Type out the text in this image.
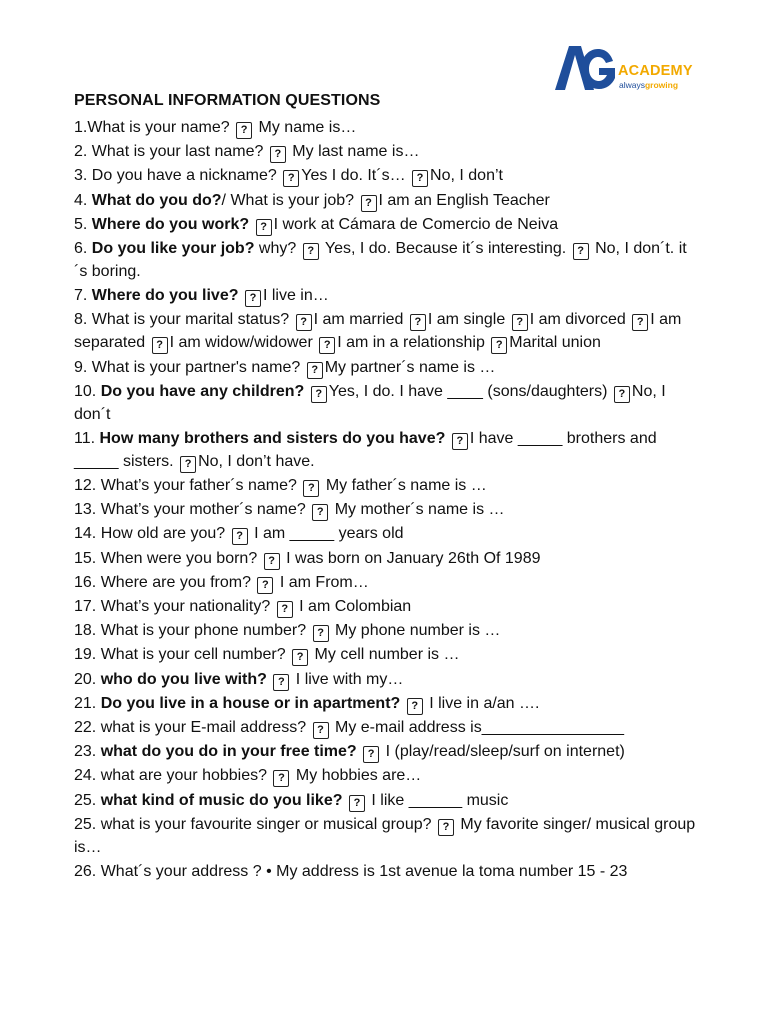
ACADEMY
alwaysgrowing
PERSONAL INFORMATION QUESTIONS
1.What is your name? ? My name is…
2. What is your last name? ? My last name is…
3. Do you have a nickname? ?Yes I do. It´s… ?No, I don’t
4. What do you do?/ What is your job? ?I am an English Teacher
5. Where do you work? ? I work at Cámara de Comercio de Neiva
6. Do you like your job? why? ? Yes, I do. Because it´s interesting. ? No, I don´t. it´s boring.
7. Where do you live? ? I live in…
8. What is your marital status? ?I am married ?I am single ?I am divorced ?I am separated ?I am widow/widower ?I am in a relationship ?Marital union
9. What is your partner's name? ?My partner´s name is …
10. Do you have any children? ? Yes, I do. I have ____ (sons/daughters) ?No, I don´t
11. How many brothers and sisters do you have? ? I have _____ brothers and _____ sisters. ?No, I don’t have.
12. What’s your father´s name? ? My father´s name is …
13. What’s your mother´s name? ? My mother´s name is …
14. How old are you? ? I am _____ years old
15. When were you born? ? I was born on January 26th Of 1989
16. Where are you from? ? I am From…
17. What’s your nationality? ? I am Colombian
18. What is your phone number? ? My phone number is …
19. What is your cell number? ? My cell number is …
20. who do you live with? ? I live with my…
21. Do you live in a house or in apartment? ? I live in a/an ….
22. what is your E-mail address? ? My e-mail address is________________
23. what do you do in your free time? ? I (play/read/sleep/surf on internet)
24. what are your hobbies? ? My hobbies are…
25. what kind of music do you like? ? I like ______ music
25. what is your favourite singer or musical group? ? My favorite singer/ musical group is…
26. What´s your address ? • My address is 1st avenue la toma number 15 - 23
